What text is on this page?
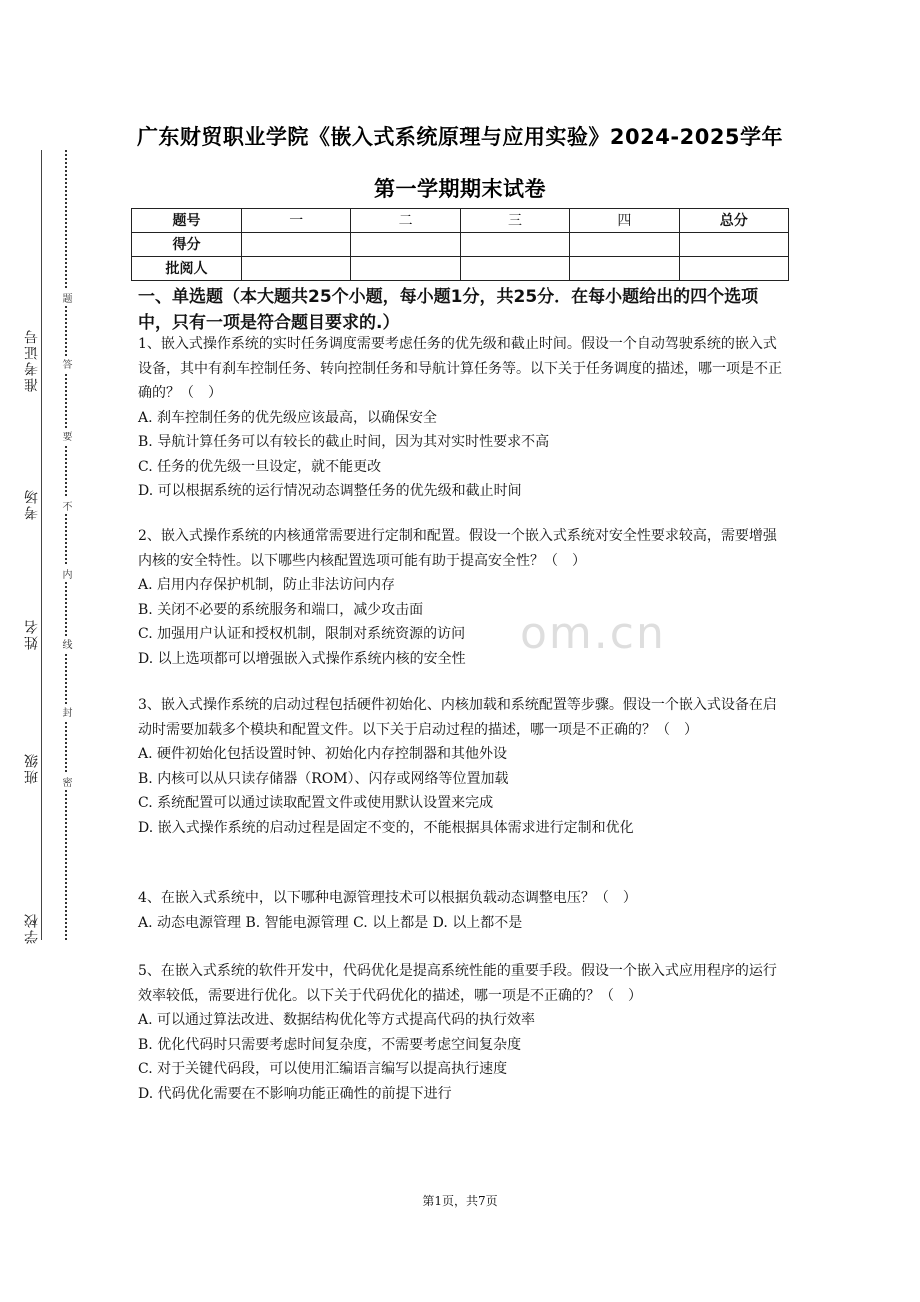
广东财贸职业学院《嵌入式系统原理与应用实验》2024-2025学年
第一学期期末试卷
题号	一	二	三	四	总分
得分					
批阅人					
一、单选题（本大题共25个小题，每小题1分，共25分．在每小题给出的四个选项中，只有一项是符合题目要求的.）

1、嵌入式操作系统的实时任务调度需要考虑任务的优先级和截止时间。假设一个自动驾驶系统的嵌入式设备，其中有刹车控制任务、转向控制任务和导航计算任务等。以下关于任务调度的描述，哪一项是不正确的？（　）

A. 刹车控制任务的优先级应该最高，以确保安全

B. 导航计算任务可以有较长的截止时间，因为其对实时性要求不高

C. 任务的优先级一旦设定，就不能更改

D. 可以根据系统的运行情况动态调整任务的优先级和截止时间

2、嵌入式操作系统的内核通常需要进行定制和配置。假设一个嵌入式系统对安全性要求较高，需要增强内核的安全特性。以下哪些内核配置选项可能有助于提高安全性？（　）

A. 启用内存保护机制，防止非法访问内存

B. 关闭不必要的系统服务和端口，减少攻击面

C. 加强用户认证和授权机制，限制对系统资源的访问

D. 以上选项都可以增强嵌入式操作系统内核的安全性

3、嵌入式操作系统的启动过程包括硬件初始化、内核加载和系统配置等步骤。假设一个嵌入式设备在启动时需要加载多个模块和配置文件。以下关于启动过程的描述，哪一项是不正确的？（　）

A. 硬件初始化包括设置时钟、初始化内存控制器和其他外设

B. 内核可以从只读存储器（ROM）、闪存或网络等位置加载

C. 系统配置可以通过读取配置文件或使用默认设置来完成

D. 嵌入式操作系统的启动过程是固定不变的，不能根据具体需求进行定制和优化

4、在嵌入式系统中，以下哪种电源管理技术可以根据负载动态调整电压？（　）

A. 动态电源管理 B. 智能电源管理 C. 以上都是 D. 以上都不是

5、在嵌入式系统的软件开发中，代码优化是提高系统性能的重要手段。假设一个嵌入式应用程序的运行效率较低，需要进行优化。以下关于代码优化的描述，哪一项是不正确的？（　）

A. 可以通过算法改进、数据结构优化等方式提高代码的执行效率

B. 优化代码时只需要考虑时间复杂度，不需要考虑空间复杂度

C. 对于关键代码段，可以使用汇编语言编写以提高执行速度

D. 代码优化需要在不影响功能正确性的前提下进行

第1页，共7页
om.cn
准考证号
考场
姓名
班级
学校
题
答
要
不
内
线
封
密
